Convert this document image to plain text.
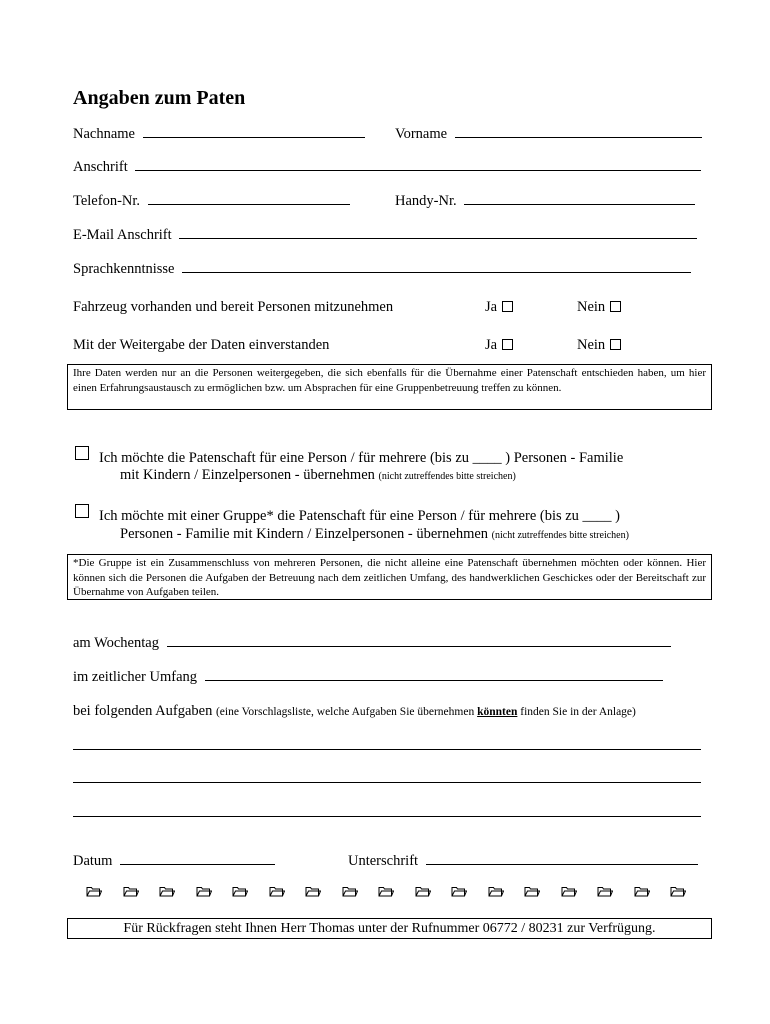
Angaben zum Paten
Nachname	Vorname
Anschrift
Telefon-Nr.	Handy-Nr.
E-Mail Anschrift
Sprachkenntnisse
Fahrzeug vorhanden und bereit Personen mitzunehmen	Ja	Nein
Mit der Weitergabe der Daten einverstanden	Ja	Nein
Ihre Daten werden nur an die Personen weitergegeben, die sich ebenfalls für die Übernahme einer Patenschaft entschieden haben, um hier einen Erfahrungsaustausch zu ermöglichen bzw. um Absprachen für eine Gruppenbetreuung treffen zu können.
Ich möchte die Patenschaft für eine Person / für mehrere (bis zu ____ ) Personen - Familie
mit Kindern / Einzelpersonen - übernehmen (nicht zutreffendes bitte streichen)
Ich möchte mit einer Gruppe* die Patenschaft für eine Person / für mehrere (bis zu ____ )
Personen - Familie mit Kindern / Einzelpersonen - übernehmen (nicht zutreffendes bitte streichen)
*Die Gruppe ist ein Zusammenschluss von mehreren Personen, die nicht alleine eine Patenschaft übernehmen möchten oder können. Hier können sich die Personen die Aufgaben der Betreuung nach dem zeitlichen Umfang, des handwerklichen Geschickes oder der Bereitschaft zur Übernahme von Aufgaben teilen.
am Wochentag
im zeitlicher Umfang
bei folgenden Aufgaben (eine Vorschlagsliste, welche Aufgaben Sie übernehmen könnten finden Sie in der Anlage)
Datum	Unterschrift
Für Rückfragen steht Ihnen Herr Thomas unter der Rufnummer 06772 / 80231 zur Verfrügung.
